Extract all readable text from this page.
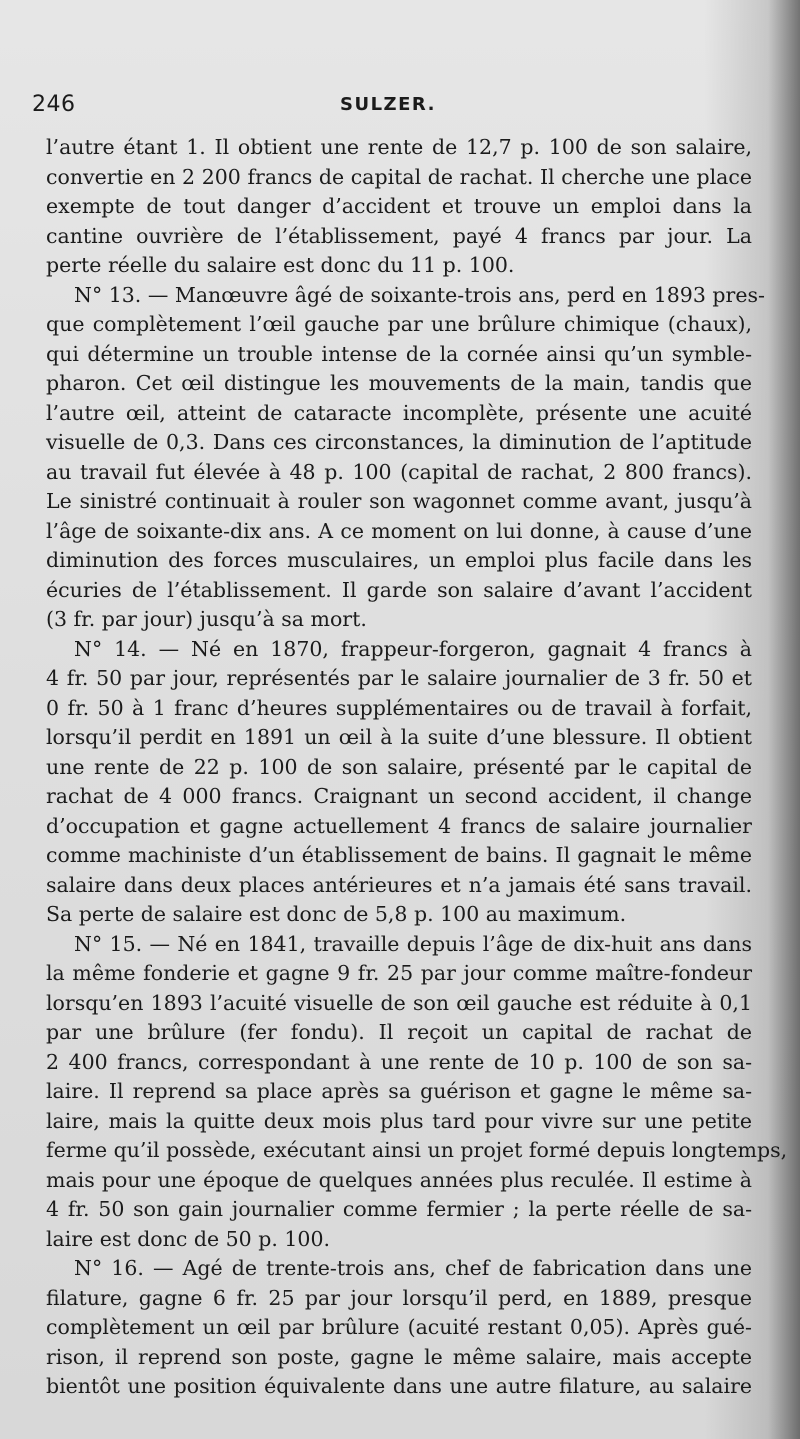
246	SULZER.
l’autre étant 1. Il obtient une rente de 12,7 p. 100 de son salaire,
convertie en 2 200 francs de capital de rachat. Il cherche une place
exempte de tout danger d’accident et trouve un emploi dans la
cantine ouvrière de l’établissement, payé 4 francs par jour. La
perte réelle du salaire est donc du 11 p. 100.
N° 13. — Manœuvre âgé de soixante-trois ans, perd en 1893 pres-
que complètement l’œil gauche par une brûlure chimique (chaux),
qui détermine un trouble intense de la cornée ainsi qu’un symble-
pharon. Cet œil distingue les mouvements de la main, tandis que
l’autre œil, atteint de cataracte incomplète, présente une acuité
visuelle de 0,3. Dans ces circonstances, la diminution de l’aptitude
au travail fut élevée à 48 p. 100 (capital de rachat, 2 800 francs).
Le sinistré continuait à rouler son wagonnet comme avant, jusqu’à
l’âge de soixante-dix ans. A ce moment on lui donne, à cause d’une
diminution des forces musculaires, un emploi plus facile dans les
écuries de l’établissement. Il garde son salaire d’avant l’accident
(3 fr. par jour) jusqu’à sa mort.
N° 14. — Né en 1870, frappeur-forgeron, gagnait 4 francs à
4 fr. 50 par jour, représentés par le salaire journalier de 3 fr. 50 et
0 fr. 50 à 1 franc d’heures supplémentaires ou de travail à forfait,
lorsqu’il perdit en 1891 un œil à la suite d’une blessure. Il obtient
une rente de 22 p. 100 de son salaire, présenté par le capital de
rachat de 4 000 francs. Craignant un second accident, il change
d’occupation et gagne actuellement 4 francs de salaire journalier
comme machiniste d’un établissement de bains. Il gagnait le même
salaire dans deux places antérieures et n’a jamais été sans travail.
Sa perte de salaire est donc de 5,8 p. 100 au maximum.
N° 15. — Né en 1841, travaille depuis l’âge de dix-huit ans dans
la même fonderie et gagne 9 fr. 25 par jour comme maître-fondeur
lorsqu’en 1893 l’acuité visuelle de son œil gauche est réduite à 0,1
par une brûlure (fer fondu). Il reçoit un capital de rachat de
2 400 francs, correspondant à une rente de 10 p. 100 de son sa-
laire. Il reprend sa place après sa guérison et gagne le même sa-
laire, mais la quitte deux mois plus tard pour vivre sur une petite
ferme qu’il possède, exécutant ainsi un projet formé depuis longtemps,
mais pour une époque de quelques années plus reculée. Il estime à
4 fr. 50 son gain journalier comme fermier ; la perte réelle de sa-
laire est donc de 50 p. 100.
N° 16. — Agé de trente-trois ans, chef de fabrication dans une
filature, gagne 6 fr. 25 par jour lorsqu’il perd, en 1889, presque
complètement un œil par brûlure (acuité restant 0,05). Après gué-
rison, il reprend son poste, gagne le même salaire, mais accepte
bientôt une position équivalente dans une autre filature, au salaire
